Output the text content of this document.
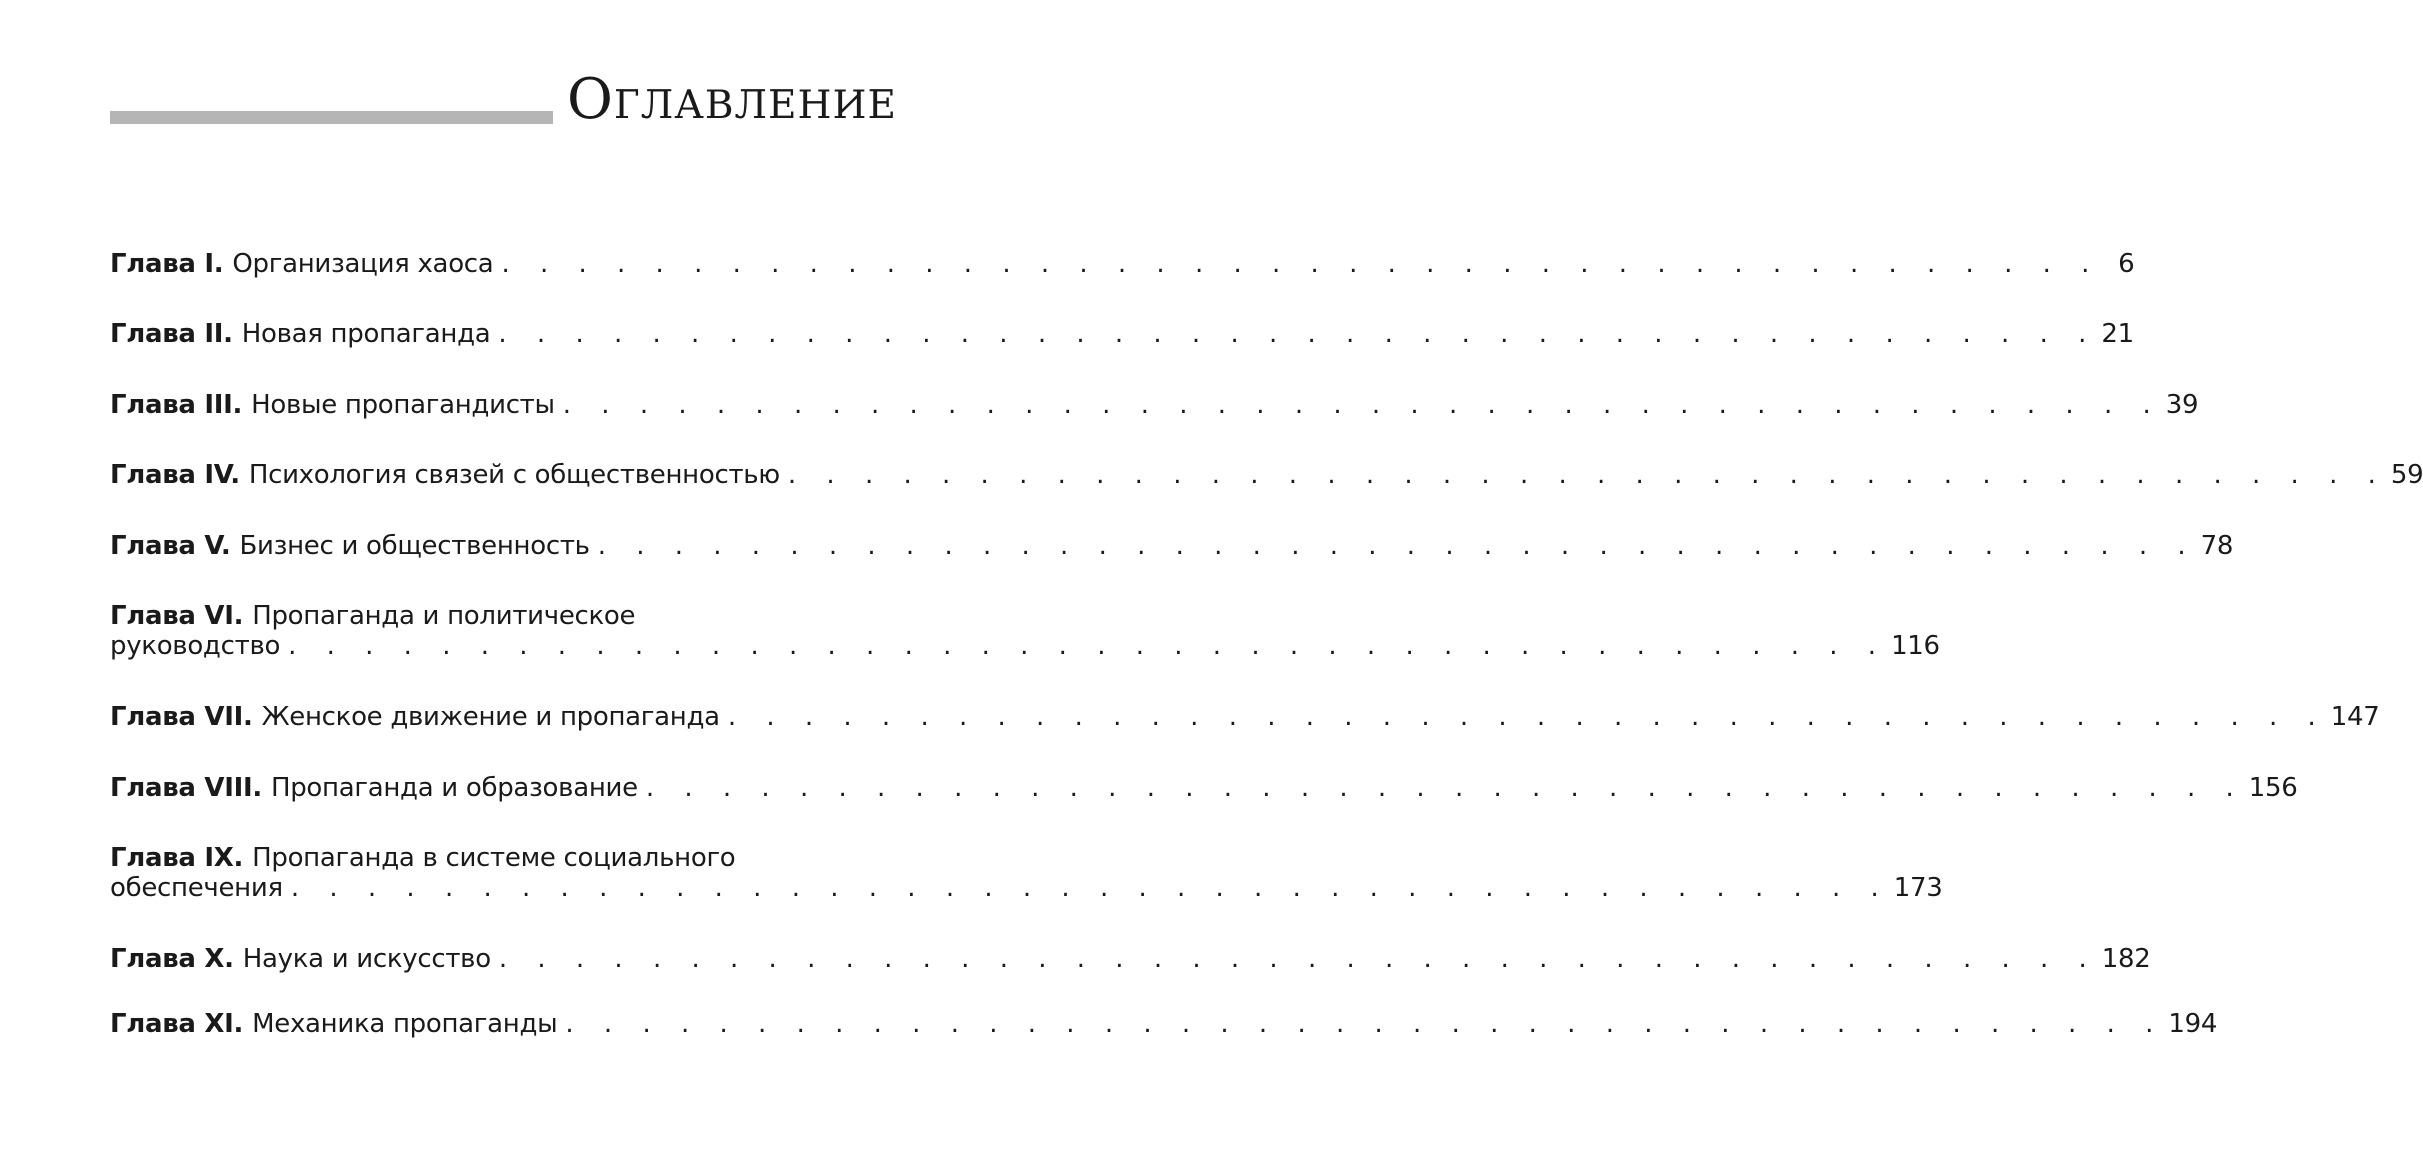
Оглавление
Глава I. Организация хаоса . . . . . . . . . . . . . . . . . . . . . . . . . . . . . . . . . . . . . . . . . . 6
Глава II. Новая пропаганда . . . . . . . . . . . . . . . . . . . . . . . . . . . . . . . . . . . . . . . . . . 21
Глава III. Новые пропагандисты . . . . . . . . . . . . . . . . . . . . . . . . . . . . . . . . . . . . . . . . . . 39
Глава IV. Психология связей с общественностью . . . . . . . . . . . . . . . . . . . . . . . . . . . . . . . . . . . . . . . . . . 59
Глава V. Бизнес и общественность . . . . . . . . . . . . . . . . . . . . . . . . . . . . . . . . . . . . . . . . . . 78
Глава VI. Пропаганда и политическое
руководство . . . . . . . . . . . . . . . . . . . . . . . . . . . . . . . . . . . . . . . . . . 116
Глава VII. Женское движение и пропаганда . . . . . . . . . . . . . . . . . . . . . . . . . . . . . . . . . . . . . . . . . . 147
Глава VIII. Пропаганда и образование . . . . . . . . . . . . . . . . . . . . . . . . . . . . . . . . . . . . . . . . . . 156
Глава IX. Пропаганда в системе социального
обеспечения . . . . . . . . . . . . . . . . . . . . . . . . . . . . . . . . . . . . . . . . . . 173
Глава X. Наука и искусство . . . . . . . . . . . . . . . . . . . . . . . . . . . . . . . . . . . . . . . . . . 182
Глава XI. Механика пропаганды . . . . . . . . . . . . . . . . . . . . . . . . . . . . . . . . . . . . . . . . . . 194
